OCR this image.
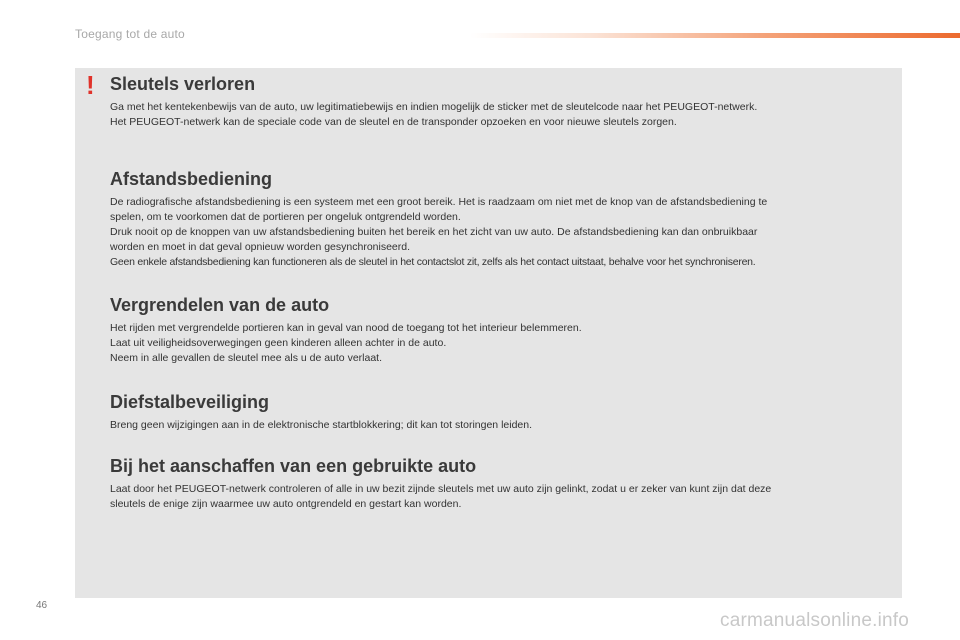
Toegang tot de auto
! Sleutels verloren

Ga met het kentekenbewijs van de auto, uw legitimatiebewijs en indien mogelijk de sticker met de sleutelcode naar het PEUGEOT-netwerk.
Het PEUGEOT-netwerk kan de speciale code van de sleutel en de transponder opzoeken en voor nieuwe sleutels zorgen.

Afstandsbediening

De radiografische afstandsbediening is een systeem met een groot bereik. Het is raadzaam om niet met de knop van de afstandsbediening te
spelen, om te voorkomen dat de portieren per ongeluk ontgrendeld worden.
Druk nooit op de knoppen van uw afstandsbediening buiten het bereik en het zicht van uw auto. De afstandsbediening kan dan onbruikbaar
worden en moet in dat geval opnieuw worden gesynchroniseerd.
Geen enkele afstandsbediening kan functioneren als de sleutel in het contactslot zit, zelfs als het contact uitstaat, behalve voor het synchroniseren.

Vergrendelen van de auto

Het rijden met vergrendelde portieren kan in geval van nood de toegang tot het interieur belemmeren.
Laat uit veiligheidsoverwegingen geen kinderen alleen achter in de auto.
Neem in alle gevallen de sleutel mee als u de auto verlaat.

Diefstalbeveiliging

Breng geen wijzigingen aan in de elektronische startblokkering; dit kan tot storingen leiden.

Bij het aanschaffen van een gebruikte auto

Laat door het PEUGEOT-netwerk controleren of alle in uw bezit zijnde sleutels met uw auto zijn gelinkt, zodat u er zeker van kunt zijn dat deze
sleutels de enige zijn waarmee uw auto ontgrendeld en gestart kan worden.

46
carmanualsonline.info
